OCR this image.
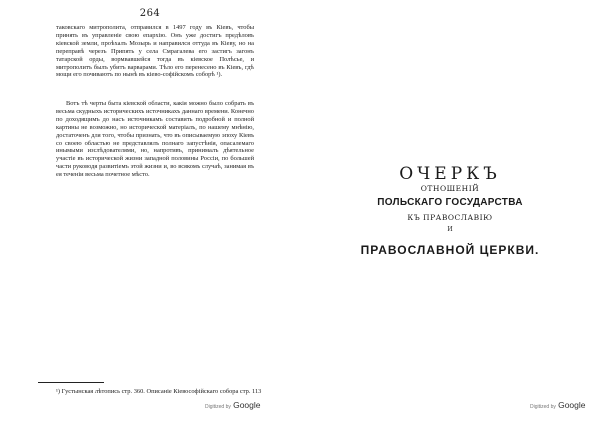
264
таковскаго митрополита, отправился в 1497 году въ Кіевъ, чтобы принять въ управленіе свою епархію. Онъ уже достигъ предѣловъ кіевской земли, проѣхалъ Мозырь и направился оттуда въ Кіеву, но на переправѣ черезъ Припять у села Смрагалева его застигъ загонъ татарской орды, вормвавшейся тогда въ кіевское Полѣсье, и митрополитъ былъ убитъ варварами. Тѣло его перенесено въ Кіевъ, гдѣ мощи его почиваютъ по нынѣ въ кіево-софійскомъ соборѣ ¹).
Вотъ тѣ черты быта кіевской области, какія можно было собрать въ весьма скудныхъ историческихъ источникахъ даннаго времени. Конечно по доходящимъ до насъ источникамъ составить подробной и полной картины не возможно, но исторической матеріалъ, по нашему мнѣнію, достаточенъ для того, чтобы признать, что въ описываемую эпоху Кіевъ со своею областью не представлялъ полнаго запустѣнія, опасалемаго инымыми изслѣдователями, но, напротивъ, принималъ дѣятельное участіе въ исторической жизни западной половины Россіи, по большей части руководя развитіемъ этой жизни и, во всякомъ случаѣ, занимая въ ея теченіи весьма почетное мѣсто.
¹) Густынская лѣтопись стр. 360. Описаніе Кіевософійскаго собора стр. 113
Digitized by Google
ОЧЕРКЪ
ОТНОШЕНІЙ
ПОЛЬСКАГО ГОСУДАРСТВА
КЪ ПРАВОСЛАВІЮ
И
ПРАВОСЛАВНОЙ ЦЕРКВИ.
Digitized by Google
